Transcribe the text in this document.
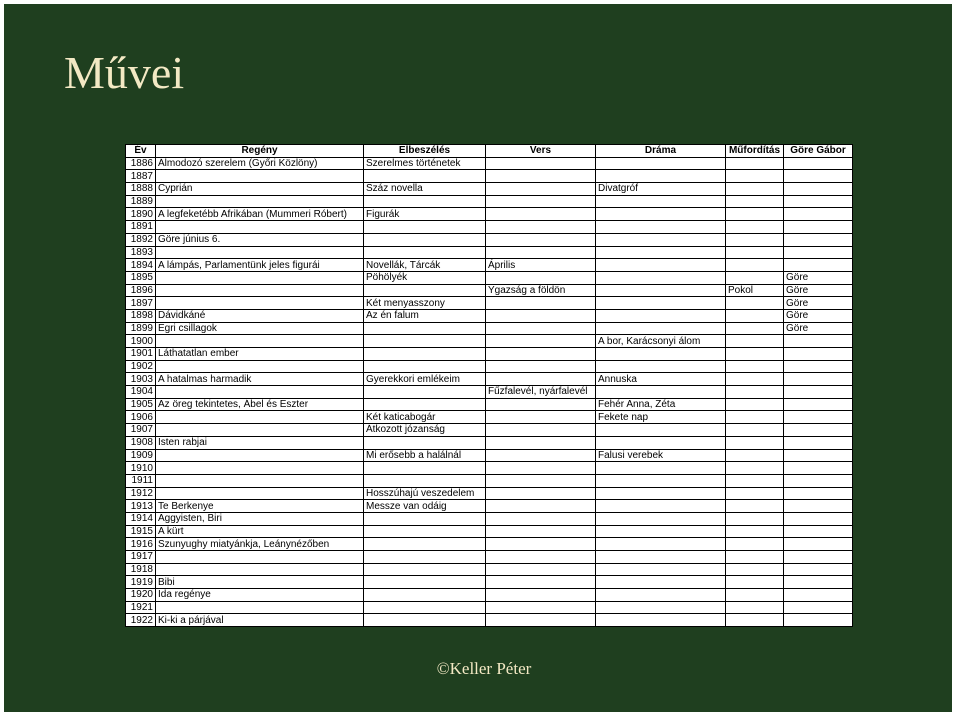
Művei
Év	Regény	Elbeszélés	Vers	Dráma	Műfordítás	Göre Gábor
1886	Álmodozó szerelem (Győri Közlöny)	Szerelmes történetek				
1887						
1888	Cyprián	Száz novella		Divatgróf		
1889						
1890	A legfeketébb Afrikában (Mummeri Róbert)	Figurák				
1891						
1892	Göre június 6.					
1893						
1894	A lámpás, Parlamentünk jeles figurái	Novellák, Tárcák	Április			
1895		Pöhölyék				Göre
1896			Ygazság a földön		Pokol	Göre
1897		Két menyasszony				Göre
1898	Dávidkáné	Az én falum				Göre
1899	Egri csillagok					Göre
1900				A bor, Karácsonyi álom		
1901	Láthatatlan ember					
1902						
1903	A hatalmas harmadik	Gyerekkori emlékeim		Annuska		
1904			Fűzfalevél, nyárfalevél			
1905	Az öreg tekintetes, Ábel és Eszter			Fehér Anna, Zéta		
1906		Két katicabogár		Fekete nap		
1907		Átkozott józanság				
1908	Isten rabjai					
1909		Mi erősebb a halálnál		Falusi verebek		
1910						
1911						
1912		Hosszúhajú veszedelem				
1913	Te Berkenye	Messze van odáig				
1914	Aggyisten, Biri					
1915	A kürt					
1916	Szunyughy miatyánkja, Leánynézőben					
1917						
1918						
1919	Bibi					
1920	Ida regénye					
1921						
1922	Ki-ki a párjával					
©Keller Péter
